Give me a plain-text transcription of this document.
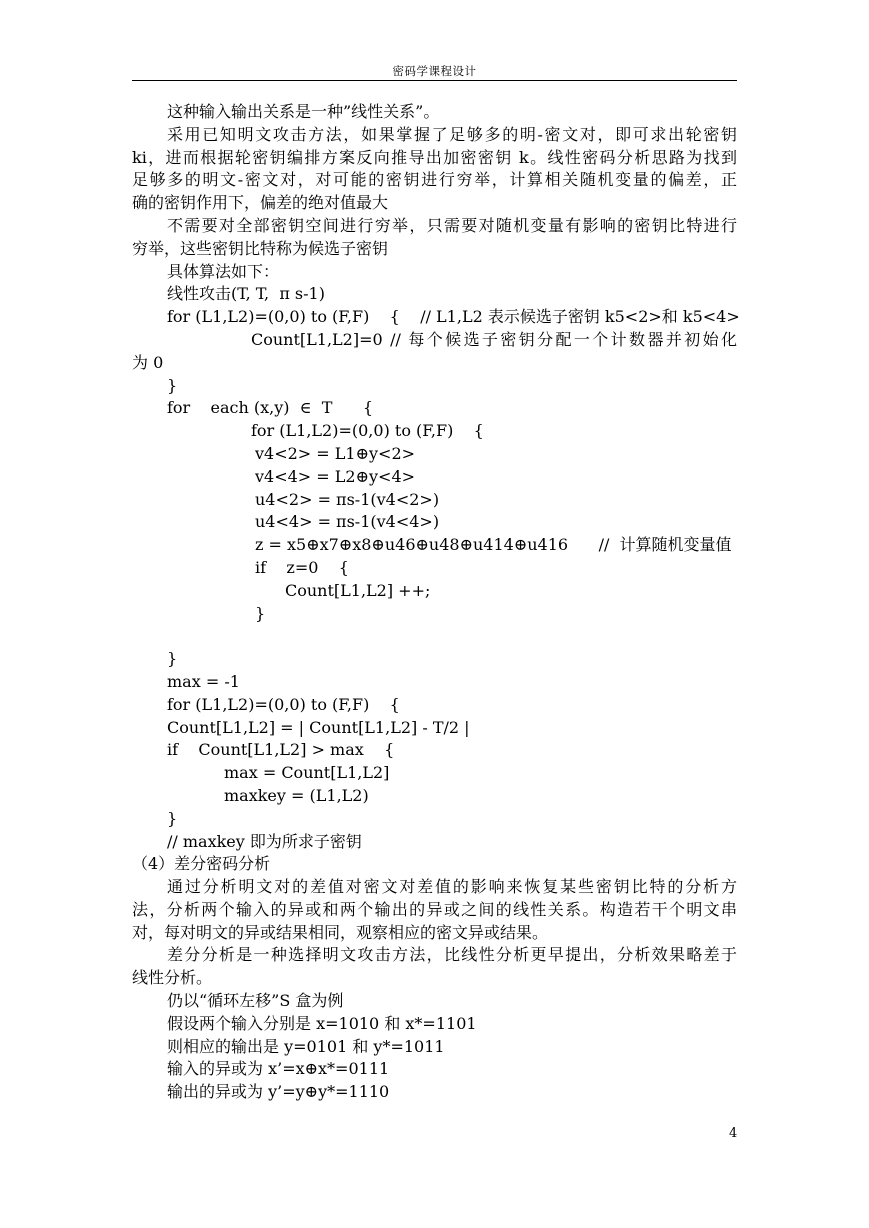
密码学课程设计
这种输入输出关系是一种”线性关系”。
采用已知明文攻击方法，如果掌握了足够多的明-密文对，即可求出轮密钥
ki，进而根据轮密钥编排方案反向推导出加密密钥 k。线性密码分析思路为找到
足够多的明文-密文对，对可能的密钥进行穷举，计算相关随机变量的偏差，正
确的密钥作用下，偏差的绝对值最大
不需要对全部密钥空间进行穷举，只需要对随机变量有影响的密钥比特进行
穷举，这些密钥比特称为候选子密钥
具体算法如下：
线性攻击(T, T,  π s-1)
for (L1,L2)=(0,0) to (F,F)    {    // L1,L2 表示候选子密钥 k5<2>和 k5<4>
Count[L1,L2]=0 // 每个候选子密钥分配一个计数器并初始化
为 0
}
for    each (x,y)  ∈  T      {
for (L1,L2)=(0,0) to (F,F)    {
v4<2> = L1⊕y<2>
v4<4> = L2⊕y<4>
u4<2> = πs-1(v4<2>)
u4<4> = πs-1(v4<4>)
z = x5⊕x7⊕x8⊕u46⊕u48⊕u414⊕u416      //  计算随机变量值
if    z=0    {
Count[L1,L2] ++;
}
}
max = -1
for (L1,L2)=(0,0) to (F,F)    {
Count[L1,L2] = | Count[L1,L2] - T/2 |
if    Count[L1,L2] > max    {
max = Count[L1,L2]
maxkey = (L1,L2)
}
// maxkey 即为所求子密钥
（4）差分密码分析
通过分析明文对的差值对密文对差值的影响来恢复某些密钥比特的分析方
法，分析两个输入的异或和两个输出的异或之间的线性关系。构造若干个明文串
对，每对明文的异或结果相同，观察相应的密文异或结果。
差分分析是一种选择明文攻击方法，比线性分析更早提出，分析效果略差于
线性分析。
仍以“循环左移”S 盒为例
假设两个输入分别是 x=1010 和 x*=1101
则相应的输出是 y=0101 和 y*=1011
输入的异或为 x’=x⊕x*=0111
输出的异或为 y’=y⊕y*=1110
4
